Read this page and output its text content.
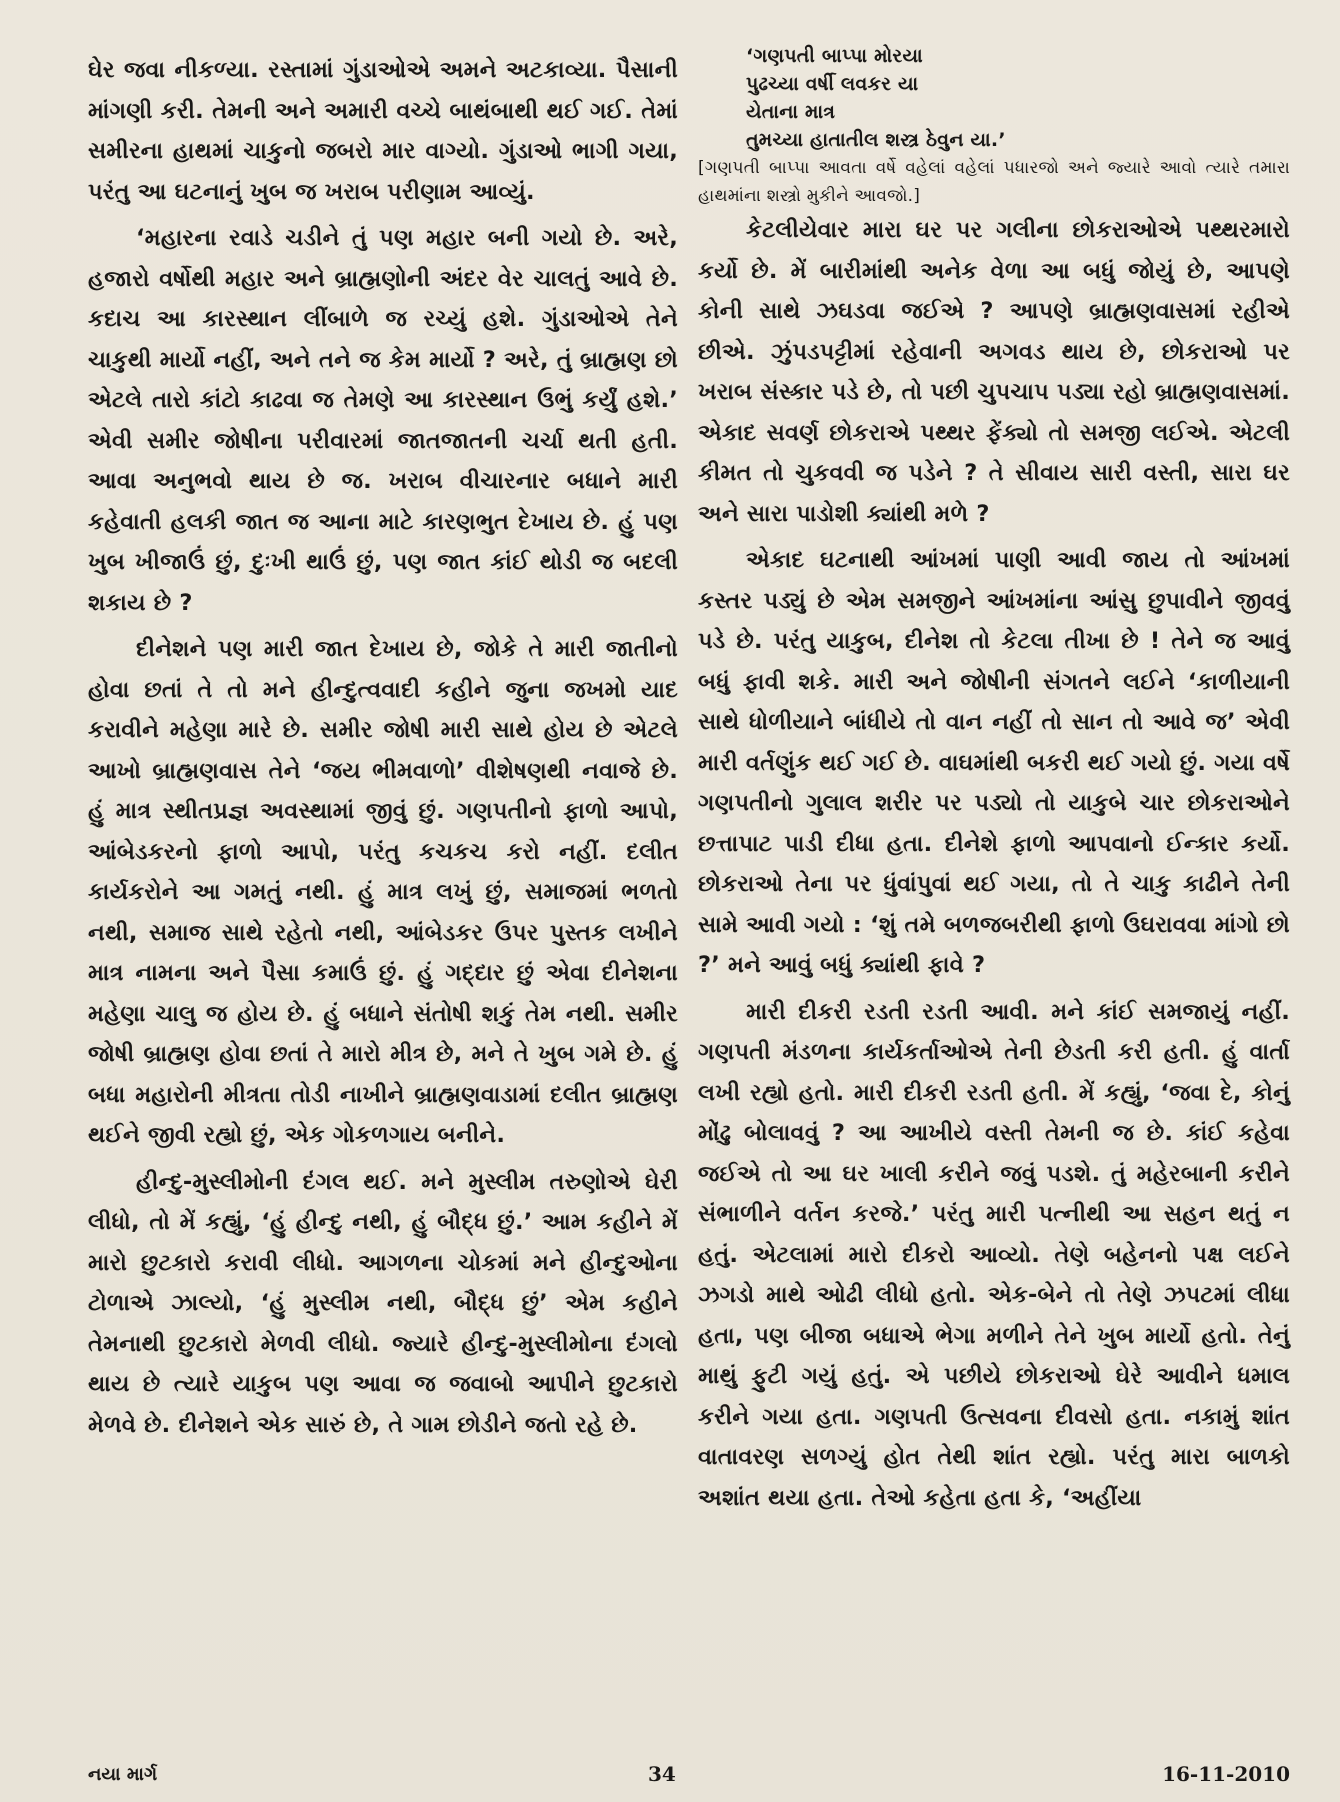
ઘેર જવા નીકળ્યા. રસ્તામાં ગુંડાઓએ અમને અટકાવ્યા. પૈસાની માંગણી કરી. તેમની અને અમારી વચ્ચે બાથંબાથી થઈ ગઈ. તેમાં સમીરના હાથમાં ચાકુનો જબરો માર વાગ્યો. ગુંડાઓ ભાગી ગયા, પરંતુ આ ઘટનાનું ખુબ જ ખરાબ પરીણામ આવ્યું.

‘મહારના રવાડે ચડીને તું પણ મહાર બની ગયો છે. અરે, હજારો વર્ષોથી મહાર અને બ્રાહ્મણોની અંદર વેર ચાલતું આવે છે. કદાચ આ કારસ્થાન લીંબાળે જ રચ્યું હશે. ગુંડાઓએ તેને ચાકુથી માર્યો નહીં, અને તને જ કેમ માર્યો ? અરે, તું બ્રાહ્મણ છો એટલે તારો કાંટો કાઢવા જ તેમણે આ કારસ્થાન ઉભું કર્યું હશે.’ એવી સમીર જોષીના પરીવારમાં જાતજાતની ચર્ચા થતી હતી. આવા અનુભવો થાય છે જ. ખરાબ વીચારનાર બધાને મારી કહેવાતી હલકી જાત જ આના માટે કારણભુત દેખાય છે. હું પણ ખુબ ખીજાઉં છું, દુઃખી થાઉં છું, પણ જાત કાંઈ થોડી જ બદલી શકાય છે ?

દીનેશને પણ મારી જાત દેખાય છે, જોકે તે મારી જાતીનો હોવા છતાં તે તો મને હીન્દુત્વવાદી કહીને જુના જખમો યાદ કરાવીને મહેણા મારે છે. સમીર જોષી મારી સાથે હોય છે એટલે આખો બ્રાહ્મણવાસ તેને ‘જય ભીમવાળો’ વીશેષણથી નવાજે છે. હું માત્ર સ્થીતપ્રજ્ઞ અવસ્થામાં જીવું છું. ગણપતીનો ફાળો આપો, આંબેડકરનો ફાળો આપો, પરંતુ કચકચ કરો નહીં. દલીત કાર્યકરોને આ ગમતું નથી. હું માત્ર લખું છું, સમાજમાં ભળતો નથી, સમાજ સાથે રહેતો નથી, આંબેડકર ઉપર પુસ્તક લખીને માત્ર નામના અને પૈસા કમાઉં છું. હું ગદ્દાર છું એવા દીનેશના મહેણા ચાલુ જ હોય છે. હું બધાને સંતોષી શકું તેમ નથી. સમીર જોષી બ્રાહ્મણ હોવા છતાં તે મારો મીત્ર છે, મને તે ખુબ ગમે છે. હું બધા મહારોની મીત્રતા તોડી નાખીને બ્રાહ્મણવાડામાં દલીત બ્રાહ્મણ થઈને જીવી રહ્યો છું, એક ગોકળગાય બનીને.

હીન્દુ-મુસ્લીમોની દંગલ થઈ. મને મુસ્લીમ તરુણોએ ઘેરી લીધો, તો મેં કહ્યું, ‘હું હીન્દુ નથી, હું બૌદ્ધ છું.’ આમ કહીને મેં મારો છુટકારો કરાવી લીધો. આગળના ચોકમાં મને હીન્દુઓના ટોળાએ ઝાલ્યો, ‘હું મુસ્લીમ નથી, બૌદ્ધ છું’ એમ કહીને તેમનાથી છુટકારો મેળવી લીધો. જ્યારે હીન્દુ-મુસ્લીમોના દંગલો થાય છે ત્યારે યાકુબ પણ આવા જ જવાબો આપીને છુટકારો મેળવે છે. દીનેશને એક સારું છે, તે ગામ છોડીને જતો રહે છે.

‘ગણપતી બાપ્પા મોરયા
પુઢચ્યા વર્ષી લવકર યા
યેતાના માત્ર
તુમચ્યા હાતાતીલ શસ્ત્ર ઠેવુન યા.’

[ગણપતી બાપ્પા આવતા વર્ષે વહેલાં વહેલાં પધારજો અને જ્યારે આવો ત્યારે તમારા હાથમાંના શસ્ત્રો મુકીને આવજો.]

કેટલીયેવાર મારા ઘર પર ગલીના છોકરાઓએ પથ્થરમારો કર્યો છે. મેં બારીમાંથી અનેક વેળા આ બધું જોયું છે, આપણે કોની સાથે ઝઘડવા જઈએ ? આપણે બ્રાહ્મણવાસમાં રહીએ છીએ. ઝુંપડપટ્ટીમાં રહેવાની અગવડ થાય છે, છોકરાઓ પર ખરાબ સંસ્કાર પડે છે, તો પછી ચુપચાપ પડ્યા રહો બ્રાહ્મણવાસમાં. એકાદ સવર્ણ છોકરાએ પથ્થર ફેંક્યો તો સમજી લઈએ. એટલી કીમત તો ચુકવવી જ પડેને ? તે સીવાય સારી વસ્તી, સારા ઘર અને સારા પાડોશી ક્યાંથી મળે ?

એકાદ ઘટનાથી આંખમાં પાણી આવી જાય તો આંખમાં કસ્તર પડ્યું છે એમ સમજીને આંખમાંના આંસુ છુપાવીને જીવવું પડે છે. પરંતુ યાકુબ, દીનેશ તો કેટલા તીખા છે ! તેને જ આવું બધું ફાવી શકે. મારી અને જોષીની સંગતને લઈને ‘કાળીયાની સાથે ધોળીયાને બાંધીયે તો વાન નહીં તો સાન તો આવે જ’ એવી મારી વર્તણુંક થઈ ગઈ છે. વાઘમાંથી બકરી થઈ ગયો છું. ગયા વર્ષે ગણપતીનો ગુલાલ શરીર પર પડ્યો તો યાકુબે ચાર છોકરાઓને છત્તાપાટ પાડી દીધા હતા. દીનેશે ફાળો આપવાનો ઈન્કાર કર્યો. છોકરાઓ તેના પર ધુંવાંપુવાં થઈ ગયા, તો તે ચાકુ કાઢીને તેની સામે આવી ગયો : ‘શું તમે બળજબરીથી ફાળો ઉઘરાવવા માંગો છો ?’ મને આવું બધું ક્યાંથી ફાવે ?

મારી દીકરી રડતી રડતી આવી. મને કાંઈ સમજાયું નહીં. ગણપતી મંડળના કાર્યકર્તાઓએ તેની છેડતી કરી હતી. હું વાર્તા લખી રહ્યો હતો. મારી દીકરી રડતી હતી. મેં કહ્યું, ‘જવા દે, કોનું મોંઢુ બોલાવવું ? આ આખીયે વસ્તી તેમની જ છે. કાંઈ કહેવા જઈએ તો આ ઘર ખાલી કરીને જવું પડશે. તું મહેરબાની કરીને સંભાળીને વર્તન કરજે.’ પરંતુ મારી પત્નીથી આ સહન થતું ન હતું. એટલામાં મારો દીકરો આવ્યો. તેણે બહેનનો પક્ષ લઈને ઝગડો માથે ઓઢી લીધો હતો. એક-બેને તો તેણે ઝપટમાં લીધા હતા, પણ બીજા બધાએ ભેગા મળીને તેને ખુબ માર્યો હતો. તેનું માથું ફુટી ગયું હતું. એ પછીયે છોકરાઓ ઘેરે આવીને ધમાલ કરીને ગયા હતા. ગણપતી ઉત્સવના દીવસો હતા. નકામું શાંત વાતાવરણ સળગ્યું હોત તેથી શાંત રહ્યો. પરંતુ મારા બાળકો અશાંત થયા હતા. તેઓ કહેતા હતા કે, ‘અહીંયા

નયા માર્ગ	34	16-11-2010
